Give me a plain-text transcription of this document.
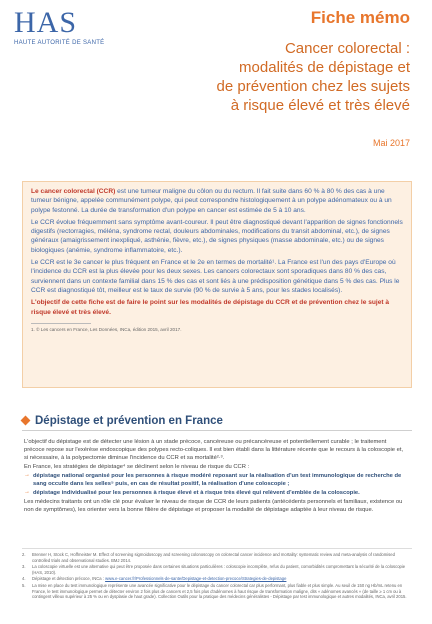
HAS
HAUTE AUTORITÉ DE SANTÉ
Fiche mémo
Cancer colorectal :
modalités de dépistage et
de prévention chez les sujets
à risque élevé et très élevé
Mai 2017

Le cancer colorectal (CCR) est une tumeur maligne du côlon ou du rectum. Il fait suite dans 60 % à 80 % des cas à une tumeur bénigne, appelée communément polype, qui peut correspondre histologiquement à un polype adénomateux ou à un polype festonné. La durée de transformation d'un polype en cancer est estimée de 5 à 10 ans.

Le CCR évolue fréquemment sans symptôme avant-coureur. Il peut être diagnostiqué devant l'apparition de signes fonctionnels digestifs (rectorragies, méléna, syndrome rectal, douleurs abdominales, modifications du transit abdominal, etc.), de signes généraux (amaigrissement inexpliqué, asthénie, fièvre, etc.), de signes physiques (masse abdominale, etc.) ou de signes biologiques (anémie, syndrome inflammatoire, etc.).

Le CCR est le 3e cancer le plus fréquent en France et le 2e en termes de mortalité¹. La France est l'un des pays d'Europe où l'incidence du CCR est la plus élevée pour les deux sexes. Les cancers colorectaux sont sporadiques dans 80 % des cas, surviennent dans un contexte familial dans 15 % des cas et sont liés à une prédisposition génétique dans 5 % des cas. Plus le CCR est diagnostiqué tôt, meilleur est le taux de survie (90 % de survie à 5 ans, pour les stades localisés).

L'objectif de cette fiche est de faire le point sur les modalités de dépistage du CCR et de prévention chez le sujet à risque élevé et très élevé.

1. © Les cancers en France, Les Données, INCa, édition 2015, avril 2017.
Dépistage et prévention en France

L'objectif du dépistage est de détecter une lésion à un stade précoce, cancéreuse ou précancéreuse et potentiellement curable ; le traitement précoce repose sur l'exérèse endoscopique des polypes recto-coliques. Il est bien établi dans la littérature récente que le recours à la coloscopie et, si nécessaire, à la polypectomie diminue l'incidence du CCR et sa mortalité²·³.

En France, les stratégies de dépistage⁴ se déclinent selon le niveau de risque du CCR :

→ dépistage national organisé pour les personnes à risque modéré reposant sur la réalisation d'un test immunologique de recherche de sang occulte dans les selles⁵ puis, en cas de résultat positif, la réalisation d'une coloscopie ;

→ dépistage individualisé pour les personnes à risque élevé et à risque très élevé qui relèvent d'emblée de la coloscopie.

Les médecins traitants ont un rôle clé pour évaluer le niveau de risque de CCR de leurs patients (antécédents personnels et familiaux, existence ou non de symptômes), les orienter vers la bonne filière de dépistage et proposer la modalité de dépistage adaptée à leur niveau de risque.

2.	Brenner H, Stock C, Hoffmeister M. Effect of screening sigmoidoscopy and screening colonoscopy on colorectal cancer incidence and mortality: systematic review and meta-analysis of randomised controlled trials and observational studies. BMJ 2014.
3.	La coloscopie virtuelle est une alternative qui peut être proposée dans certaines situations particulières : coloscopie incomplète, refus du patient, comorbidités compromettant la sécurité de la coloscopie (HAS, 2010).
4.	Dépistage et détection précoce, INCa : www.e-cancer.fr/Professionnels-de-sante/Depistage-et-detection-precoce/Strategies-de-depistage
5.	La mise en place du test immunologique représente une avancée significative pour le dépistage du cancer colorectal car plus performant, plus fiable et plus simple. Au seuil de 150 ng Hb/mL retenu en France, le test immunologique permet de détecter environ 2 fois plus de cancers et 2,5 fois plus d'adénomes à haut risque de transformation maligne, dits « adénomes avancés » (de taille ≥ 1 cm ou à contingent villeux supérieur à 25 % ou en dysplasie de haut grade). Collection Outils pour la pratique des médecins généralistes - Dépistage par test immunologique et autres modalités, INCa, avril 2015.
